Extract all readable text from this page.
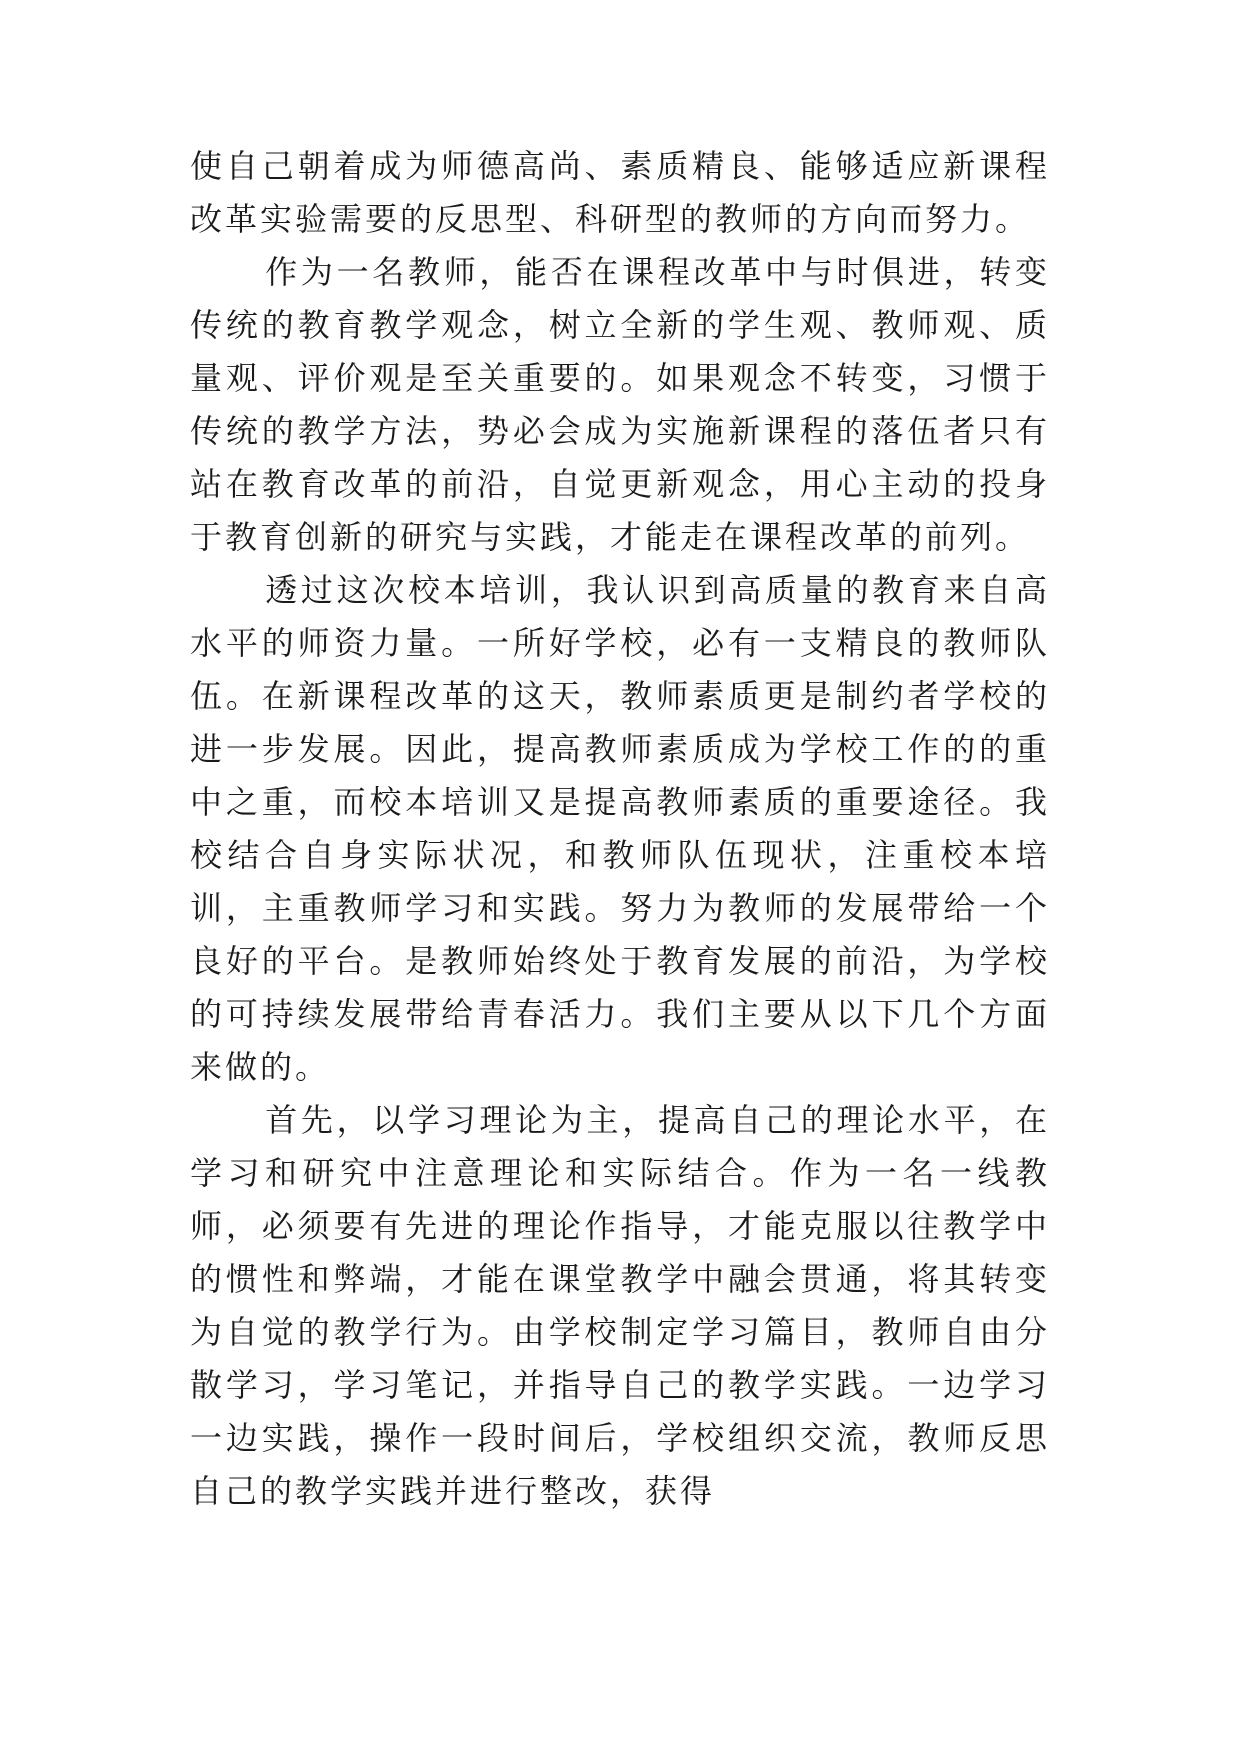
使自己朝着成为师德高尚、素质精良、能够适应新课程改革实验需要的反思型、科研型的教师的方向而努力。

作为一名教师，能否在课程改革中与时俱进，转变传统的教育教学观念，树立全新的学生观、教师观、质量观、评价观是至关重要的。如果观念不转变，习惯于传统的教学方法，势必会成为实施新课程的落伍者只有站在教育改革的前沿，自觉更新观念，用心主动的投身于教育创新的研究与实践，才能走在课程改革的前列。

透过这次校本培训，我认识到高质量的教育来自高水平的师资力量。一所好学校，必有一支精良的教师队伍。在新课程改革的这天，教师素质更是制约者学校的进一步发展。因此，提高教师素质成为学校工作的的重中之重，而校本培训又是提高教师素质的重要途径。我校结合自身实际状况，和教师队伍现状，注重校本培训，主重教师学习和实践。努力为教师的发展带给一个良好的平台。是教师始终处于教育发展的前沿，为学校的可持续发展带给青春活力。我们主要从以下几个方面来做的。

首先，以学习理论为主，提高自己的理论水平，在学习和研究中注意理论和实际结合。作为一名一线教师，必须要有先进的理论作指导，才能克服以往教学中的惯性和弊端，才能在课堂教学中融会贯通，将其转变为自觉的教学行为。由学校制定学习篇目，教师自由分散学习，学习笔记，并指导自己的教学实践。一边学习一边实践，操作一段时间后，学校组织交流，教师反思自己的教学实践并进行整改，获得
